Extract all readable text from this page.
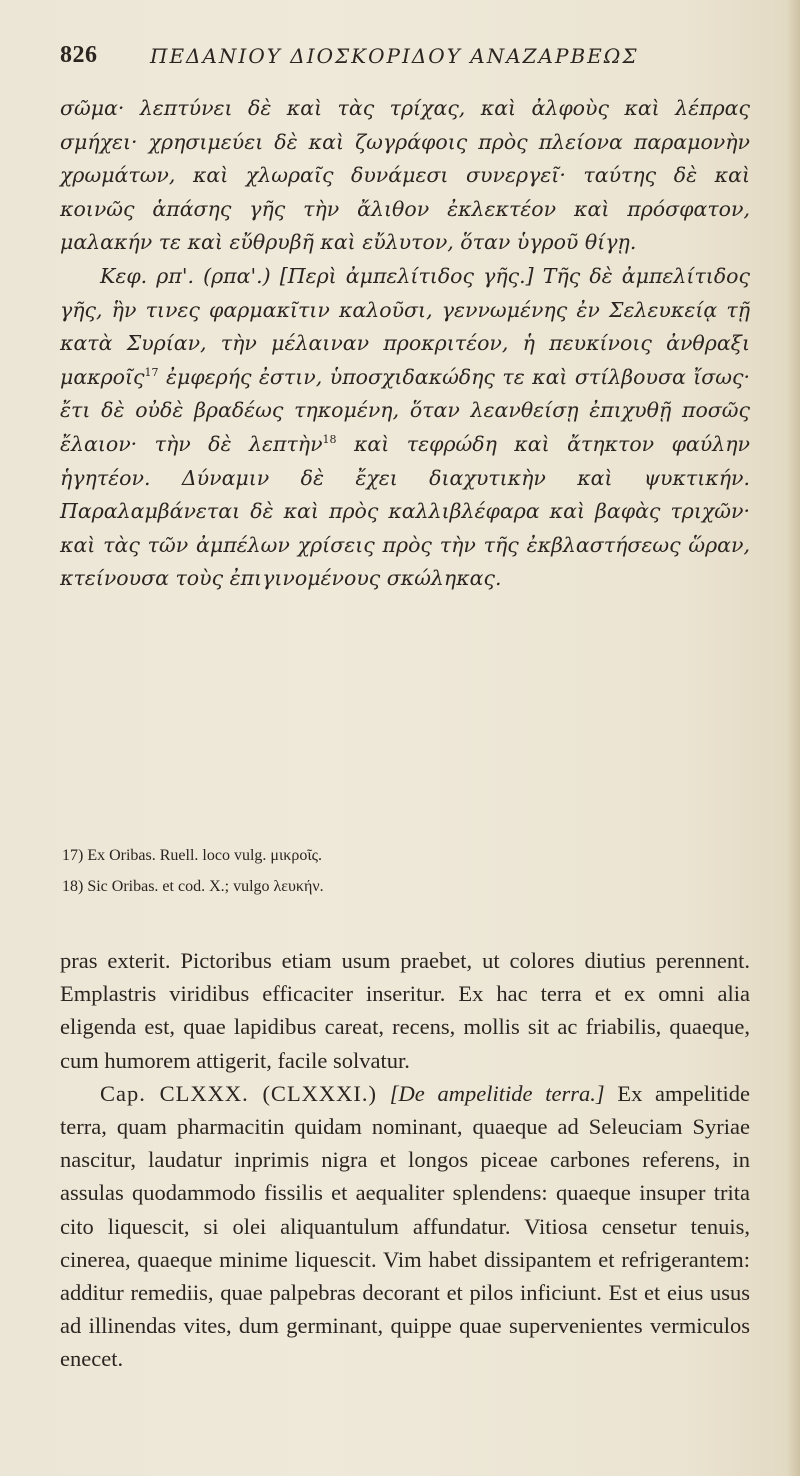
826	ΠΕΔΑΝΙΟΥ ΔΙΟΣΚΟΡΙΔΟΥ ΑΝΑΖΑΡΒΕΩΣ

σῶμα· λεπτύνει δὲ καὶ τὰς τρίχας, καὶ ἀλφοὺς καὶ λέπρας σμήχει· χρησιμεύει δὲ καὶ ζωγράφοις πρὸς πλείονα παραμονὴν χρωμάτων, καὶ χλωραῖς δυνάμεσι συνεργεῖ· ταύτης δὲ καὶ κοινῶς ἁπάσης γῆς τὴν ἄλιθον ἐκλεκτέον καὶ πρόσφατον, μαλακήν τε καὶ εὔθρυβῆ καὶ εὔλυτον, ὅταν ὑγροῦ θίγῃ.

Κεφ. ρπ'. (ρπα'.) [Περὶ ἀμπελίτιδος γῆς.] Τῆς δὲ ἀμπελίτιδος γῆς, ἣν τινες φαρμακῖτιν καλοῦσι, γεννωμένης ἐν Σελευκείᾳ τῇ κατὰ Συρίαν, τὴν μέλαιναν προκριτέον, ἡ πευκίνοις ἀνθραξι μακροῖς$^{17}$ ἐμφερής ἐστιν, ὑποσχιδακώδης τε καὶ στίλβουσα ἴσως· ἔτι δὲ οὐδὲ βραδέως τηκομένη, ὅταν λεανθείσῃ ἐπιχυθῇ ποσῶς ἔλαιον· τὴν δὲ λεπτὴν$^{18}$ καὶ τεφρώδη καὶ ἄτηκτον φαύλην ἡγητέον. Δύναμιν δὲ ἔχει διαχυτικὴν καὶ ψυκτικήν. Παραλαμβάνεται δὲ καὶ πρὸς καλλιβλέφαρα καὶ βαφὰς τριχῶν· καὶ τὰς τῶν ἀμπέλων χρίσεις πρὸς τὴν τῆς ἐκβλαστήσεως ὥραν, κτείνουσα τοὺς ἐπιγινομένους σκώληκας.

17) Ex Oribas. Ruell. loco vulg. μικροῖς.

18) Sic Oribas. et cod. X.; vulgo λευκήν.

pras exterit. Pictoribus etiam usum praebet, ut colores diutius perennent. Emplastris viridibus efficaciter inseritur. Ex hac terra et ex omni alia eligenda est, quae lapidibus careat, recens, mollis sit ac friabilis, quaeque, cum humorem attigerit, facile solvatur.

Cap. CLXXX. (CLXXXI.) [De ampelitide terra.] Ex ampelitide terra, quam pharmacitin quidam nominant, quaeque ad Seleuciam Syriae nascitur, laudatur inprimis nigra et longos piceae carbones referens, in assulas quodammodo fissilis et aequaliter splendens: quaeque insuper trita cito liquescit, si olei aliquantulum affundatur. Vitiosa censetur tenuis, cinerea, quaeque minime liquescit. Vim habet dissipantem et refrigerantem: additur remediis, quae palpebras decorant et pilos inficiunt. Est et eius usus ad illinendas vites, dum germinant, quippe quae supervenientes vermiculos enecet.
